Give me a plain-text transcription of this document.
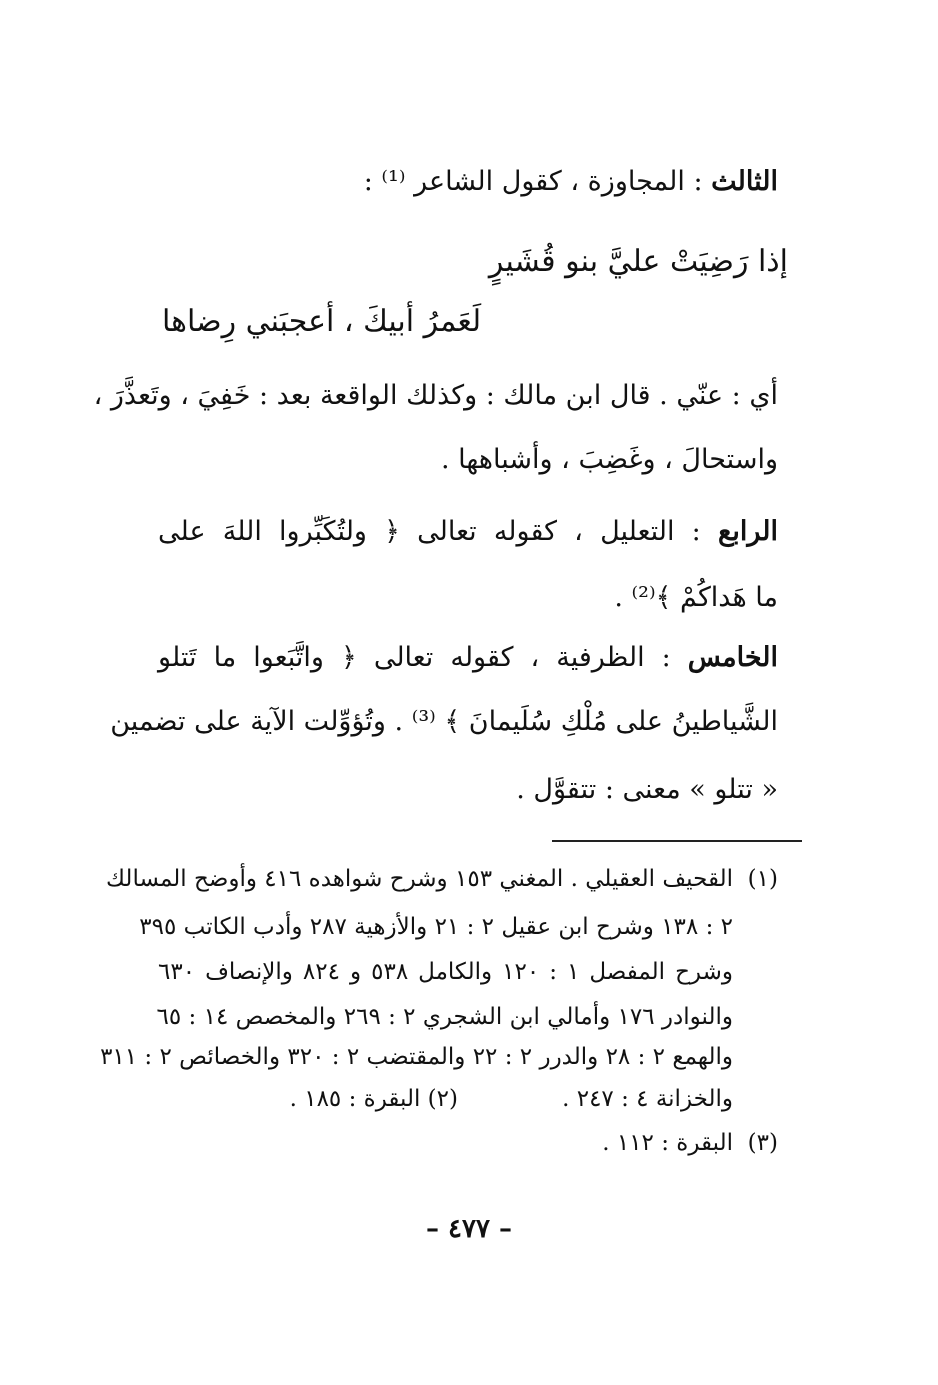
الثالث : المجاوزة ، كقول الشاعر ⁽¹⁾ :
إذا رَضِيَتْ عليَّ بنو قُشَيرٍ
لَعَمرُ أبيكَ ، أعجبَني رِضاها
أي : عنّي . قال ابن مالك : وكذلك الواقعة بعد : خَفِيَ ، وتَعذَّرَ ،
واستحالَ ، وغَضِبَ ، وأشباهها .
الرابع : التعليل ، كقوله تعالى ﴿ ولتُكَبِّروا اللهَ على
ما هَداكُمْ ﴾⁽²⁾ .
الخامس : الظرفية ، كقوله تعالى ﴿ واتَّبَعوا ما تَتلو
الشَّياطينُ على مُلْكِ سُلَيمانَ ﴾ ⁽³⁾ . وتُؤوِّلت الآية على تضمين
« تتلو » معنى : تتقوَّل .
(١)
القحيف العقيلي . المغني ١٥٣ وشرح شواهده ٤١٦ وأوضح المسالك
٢ : ١٣٨ وشرح ابن عقيل ٢ : ٢١ والأزهية ٢٨٧ وأدب الكاتب ٣٩٥
وشرح المفصل ١ : ١٢٠ والكامل ٥٣٨ و ٨٢٤ والإنصاف ٦٣٠
والنوادر ١٧٦ وأمالي ابن الشجري ٢ : ٢٦٩ والمخصص ١٤ : ٦٥
والهمع ٢ : ٢٨ والدرر ٢ : ٢٢ والمقتضب ٢ : ٣٢٠ والخصائص ٢ : ٣١١
والخزانة ٤ : ٢٤٧ .
(٢) البقرة : ١٨٥ .
(٣)
البقرة : ١١٢ .
– ٤٧٧ –
